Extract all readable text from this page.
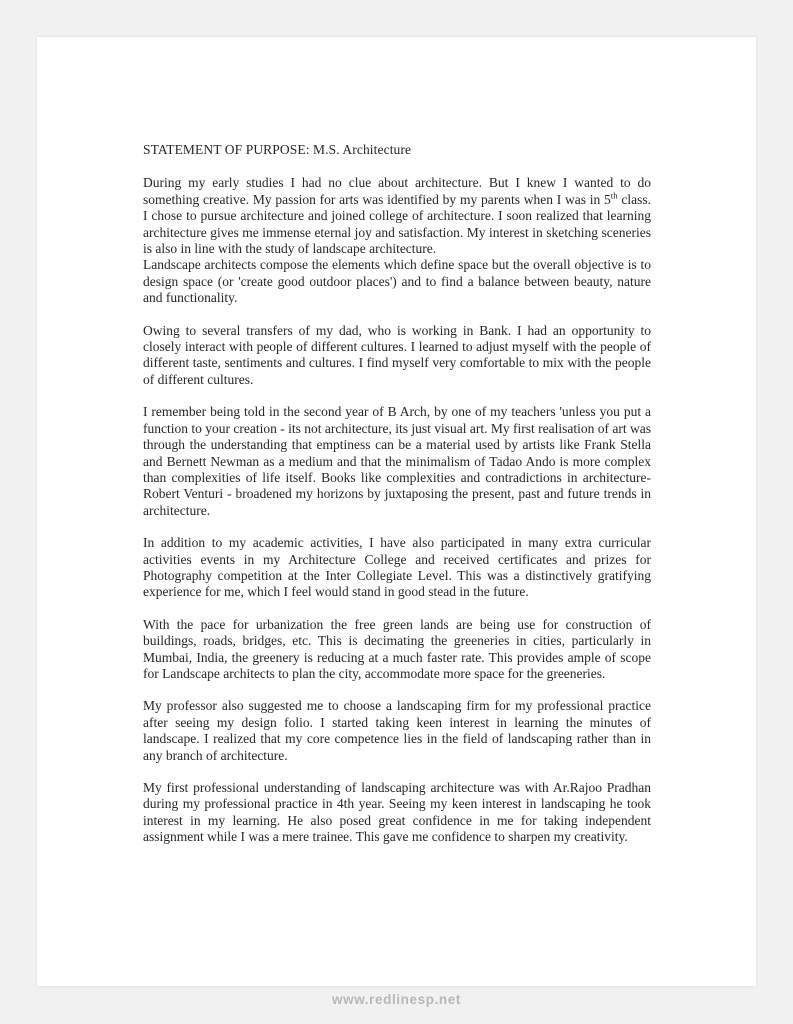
STATEMENT OF PURPOSE: M.S. Architecture

During my early studies I had no clue about architecture. But I knew I wanted to do something creative. My passion for arts was identified by my parents when I was in 5th class. I chose to pursue architecture and joined college of architecture. I soon realized that learning architecture gives me immense eternal joy and satisfaction. My interest in sketching sceneries is also in line with the study of landscape architecture.

Landscape architects compose the elements which define space but the overall objective is to design space (or 'create good outdoor places') and to find a balance between beauty, nature and functionality.

Owing to several transfers of my dad, who is working in Bank. I had an opportunity to closely interact with people of different cultures. I learned to adjust myself with the people of different taste, sentiments and cultures. I find myself very comfortable to mix with the people of different cultures.

I remember being told in the second year of B Arch, by one of my teachers 'unless you put a function to your creation - its not architecture, its just visual art. My first realisation of art was through the understanding that emptiness can be a material used by artists like Frank Stella and Bernett Newman as a medium and that the minimalism of Tadao Ando is more complex than complexities of life itself. Books like complexities and contradictions in architecture-Robert Venturi - broadened my horizons by juxtaposing the present, past and future trends in architecture.

In addition to my academic activities, I have also participated in many extra curricular activities events in my Architecture College and received certificates and prizes for Photography competition at the Inter Collegiate Level. This was a distinctively gratifying experience for me, which I feel would stand in good stead in the future.

With the pace for urbanization the free green lands are being use for construction of buildings, roads, bridges, etc. This is decimating the greeneries in cities, particularly in Mumbai, India, the greenery is reducing at a much faster rate. This provides ample of scope for Landscape architects to plan the city, accommodate more space for the greeneries.

My professor also suggested me to choose a landscaping firm for my professional practice after seeing my design folio. I started taking keen interest in learning the minutes of landscape. I realized that my core competence lies in the field of landscaping rather than in any branch of architecture.

My first professional understanding of landscaping architecture was with Ar.Rajoo Pradhan during my professional practice in 4th year. Seeing my keen interest in landscaping he took interest in my learning. He also posed great confidence in me for taking independent assignment while I was a mere trainee. This gave me confidence to sharpen my creativity.

www.redlinesp.net
